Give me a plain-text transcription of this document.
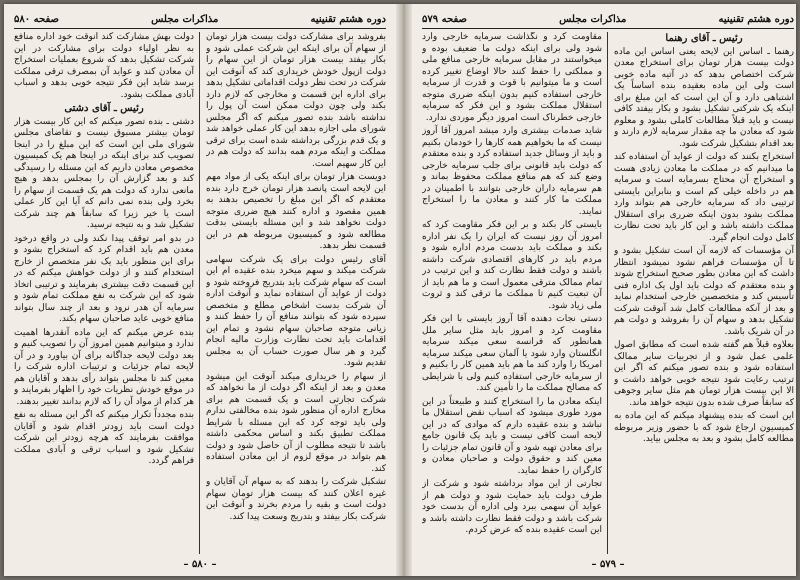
دوره هشتم تقنينيه
مذاکرات مجلس
صفحه ۵۸۰

بفروشد برای مشارکت دولت بیست هزار تومان از سهام آن برای اینکه این شرکت عملی شود و بکار بیفتد بیست هزار تومان از این سهام را دولت ازپول خودش خریداری کند که آنوقت این شرکت در تحت نظر دولت اقداماتی تشکیل بدهد برای اداره این قسمت و مخارجی که لازم دارد بکند ولی چون دولت ممکن است آن پول را نداشته باشد بنده تصور میکنم که اگر مجلس شورای ملی اجازه بدهد این کار عملی خواهد شد و یک قدم بزرگی برداشته شده است برای ترقی مملکت و اینکه مردم همه بدانند که دولت هم در این کار سهیم است.

دویست هزار تومان برای اینکه یکی از مواد مهم این لایحه است پانصد هزار تومان خرج دارد بنده معتقدم که اگر این مبلغ را تخصیص بدهند به همین مقصود و اداره کنند هیچ ضرری متوجه دولت نخواهد شد و این مسئله بایستی بدقت مطالعه شود و کمیسیون مربوطه هم در این قسمت نظر بدهد.

آقای رئیس دولت برای یک شرکت سهامی شرکت میکند و سهم میخرد بنده عقیده ام این است که سهام شرکت باید بتدریج فروخته شود و دولت از عواید آن استفاده نماید و آنوقت اداره آن شرکت بدست اشخاص مطلع و متخصص سپرده شود که بتوانند منافع آن را حفظ کنند و زیانی متوجه صاحبان سهام نشود و تمام این اقدامات باید تحت نظارت وزارت مالیه انجام گیرد و هر سال صورت حساب آن به مجلس تقدیم شود.

از سهام را خریداری میکند آنوقت این میشود معدن و بعد از اینکه اگر دولت از ما نخواهد که شرکت تجارتی است و یک قسمت هم برای مخارج اداره آن منظور شود بنده مخالفتی ندارم ولی باید توجه کرد که این مسئله با شرایط مملکت تطبیق بکند و اساس محکمی داشته باشد تا نتیجه مطلوب از آن حاصل شود و دولت هم بتواند در موقع لزوم از این معادن استفاده کند.

تشکیل شرکت را بدهند که به سهام آن آقایان و غیره اعلان کنند که بیست هزار تومان سهام دولت است و بقیه را مردم بخرند و آنوقت این شرکت بکار بیفتد و بتدریج وسعت پیدا کند.

دولت بهش مشارکت کند آنوقت خود اداره منافع به نظر اولیاء دولت برای مشارکت در این شرکت تشکیل بدهد که شروع بعملیات استخراج آن معادن کند و عواید آن بمصرف ترقی مملکت برسد شاید این فکر نتیجه خوبی بدهد و اسباب آبادی مملکت بشود.

رئیس ـ آقای دشتی

دشتی ـ بنده تصور میکنم که این کار بیست هزار تومان بیشتر مسبوق نیست و تقاضای مجلس شورای ملی این است که این مبلغ را در اینجا تصویب کند برای اینکه در اینجا هم یک کمیسیون مخصوص معادن داریم که این مسئله را رسیدگی کند و بعد گزارش آن را بمجلس بدهد و هیچ مانعی ندارد که دولت هم یک قسمت از سهام را بخرد ولی بنده نمی دانم که آیا این کار عملی است یا خیر زیرا که سابقاً هم چند شرکت تشکیل شد و به نتیجه نرسید.

در بدو امر توقف پیدا نکند ولی در واقع درخود معدن هم باید اقدام کرد که استخراج بشود و برای این منظور باید یک نفر متخصص از خارج استخدام کنند و از دولت خواهش میکنم که در این قسمت دقت بیشتری بفرمایند و ترتیبی اتخاذ شود که این شرکت به نفع مملکت تمام شود و سرمایه آن هدر نرود و بعد از چند سال بتواند منافع خوبی عاید صاحبان سهام بکند.

بنده عرض میکنم که این ماده آنقدرها اهمیت ندارد و میتوانیم همین امروز آن را تصویب کنیم و بعد دولت لایحه جداگانه برای آن بیاورد و در آن لایحه تمام جزئیات و ترتیبات اداره شرکت را معین کند تا مجلس بتواند رأی بدهد و آقایان هم در موقع خودش نظریات خود را اظهار بفرمایند و هر کدام از مواد آن را که لازم بدانند تغییر بدهند.

بنده مجدداً تکرار میکنم که اگر این مسئله به نفع دولت است باید زودتر اقدام شود و آقایان موافقت بفرمایند که هرچه زودتر این شرکت تشکیل شود و اسباب ترقی و آبادی مملکت فراهم گردد.

– ۵۸۰ –
دوره هشتم تقنينيه
مذاکرات مجلس
صفحه ۵۷۹

رئیس ـ آقای رهنما

رهنما ـ اساس این لایحه یعنی اساس این ماده دولت بیست هزار تومان برای استخراج معدن شرکت اختصاص بدهد که در آتیه ماده خوبی است ولی این ماده بعقیده بنده اساساً یک اشتباهی دارد و آن این است که این مبلغ برای اینکه یک شرکتی تشکیل بشود و بکار بیفتد کافی نیست و باید قبلاً مطالعات کاملی بشود و معلوم شود که معادن ما چه مقدار سرمایه لازم دارند و بعد اقدام بتشکیل شرکت شود.

استخراج بکنند که دولت از عواید آن استفاده کند ما میدانیم که در مملکت ما معادن زیادی هست و استخراج آن محتاج بسرمایه است و سرمایه هم در داخله خیلی کم است و بنابراین بایستی ترتیبی داد که سرمایه خارجی هم بتواند وارد مملکت بشود بدون اینکه ضرری برای استقلال مملکت داشته باشد و این کار باید تحت نظارت کامل دولت انجام گیرد.

آن مؤسسات که لازمه آن است تشکیل بشود و تا آن مؤسسات فراهم نشود نمیشود انتظار داشت که این معادن بطور صحیح استخراج شوند و بنده معتقدم که دولت باید اول یک اداره فنی تأسیس کند و متخصصین خارجی استخدام نماید و بعد از آنکه مطالعات کامل شد آنوقت شرکت تشکیل بدهد و سهام آن را بفروشد و دولت هم در آن شریک باشد.

بعلاوه قبلاً هم گفته شده است که مطابق اصول علمی عمل شود و از تجربیات سایر ممالک استفاده شود و بنده تصور میکنم که اگر این ترتیب رعایت شود نتیجه خوبی خواهد داشت و الا این بیست هزار تومان هم مثل سایر وجوهی که سابقاً صرف شده بدون نتیجه خواهد ماند.

این است که بنده پیشنهاد میکنم که این ماده به کمیسیون ارجاع شود که با حضور وزیر مربوطه مطالعه کامل بشود و بعد به مجلس بیاید.

مقاومت کرد و نگذاشت سرمایه خارجی وارد شود ولی برای اینکه دولت ما ضعیف بوده و میخواستند در مقابل سرمایه خارجی منافع ملی و مملکتی را حفظ کنند حالا اوضاع تغییر کرده است و ما میتوانیم با قوت و قدرت از سرمایه خارجی استفاده کنیم بدون اینکه ضرری متوجه استقلال مملکت بشود و این فکر که سرمایه خارجی خطرناک است امروز دیگر موردی ندارد.

شاید صدمات بیشتری وارد میشد امروز آقا آروز نیست که ما بخواهیم همه کارها را خودمان بکنیم و باید از وسائل جدید استفاده کرد و بنده معتقدم که دولت باید قانونی برای جلب سرمایه خارجی وضع کند که هم منافع مملکت محفوظ بماند و هم سرمایه داران خارجی بتوانند با اطمینان در مملکت ما کار کنند و معادن ما را استخراج نمایند.

بایستی کار بکند و بر این فکر مقاومت کرد که امروز آن روز نیست که ایران را یک نفر اداره بکند و مملکت باید بدست مردم اداره شود و مردم باید در کارهای اقتصادی شرکت داشته باشند و دولت فقط نظارت کند و این ترتیب در تمام ممالک مترقی معمول است و ما هم باید از آن تبعیت کنیم تا مملکت ما ترقی کند و ثروت ملی زیاد شود.

دستی نجات دهنده آقا آروز بایستی با این فکر مقاومت کرد و امروز باید مثل سایر ملل همانطور که فرانسه سعی میکند سرمایه انگلستان وارد شود یا آلمان سعی میکند سرمایه امریکا را وارد کند ما هم باید همین کار را بکنیم و از سرمایه خارجی استفاده کنیم ولی با شرایطی که مصالح مملکت ما را تأمین کند.

اینکه معادن ما را استخراج کنند و طبیعتاً در این مورد طوری میشود که اسباب نقض استقلال ما نباشد و بنده عقیده دارم که موادی که در این لایحه است کافی نیست و باید یک قانون جامع برای معادن تهیه شود و آن قانون تمام جزئیات را معین کند و حقوق دولت و صاحبان معادن و کارگران را حفظ نماید.

تجارتی از این مواد برداشته شود و شرکت از طرف دولت باید حمایت شود و دولت هم از عواید آن سهمی ببرد ولی اداره آن بدست خود شرکت باشد و دولت فقط نظارت داشته باشد و این است عقیده بنده که عرض کردم.

– ۵۷۹ –
